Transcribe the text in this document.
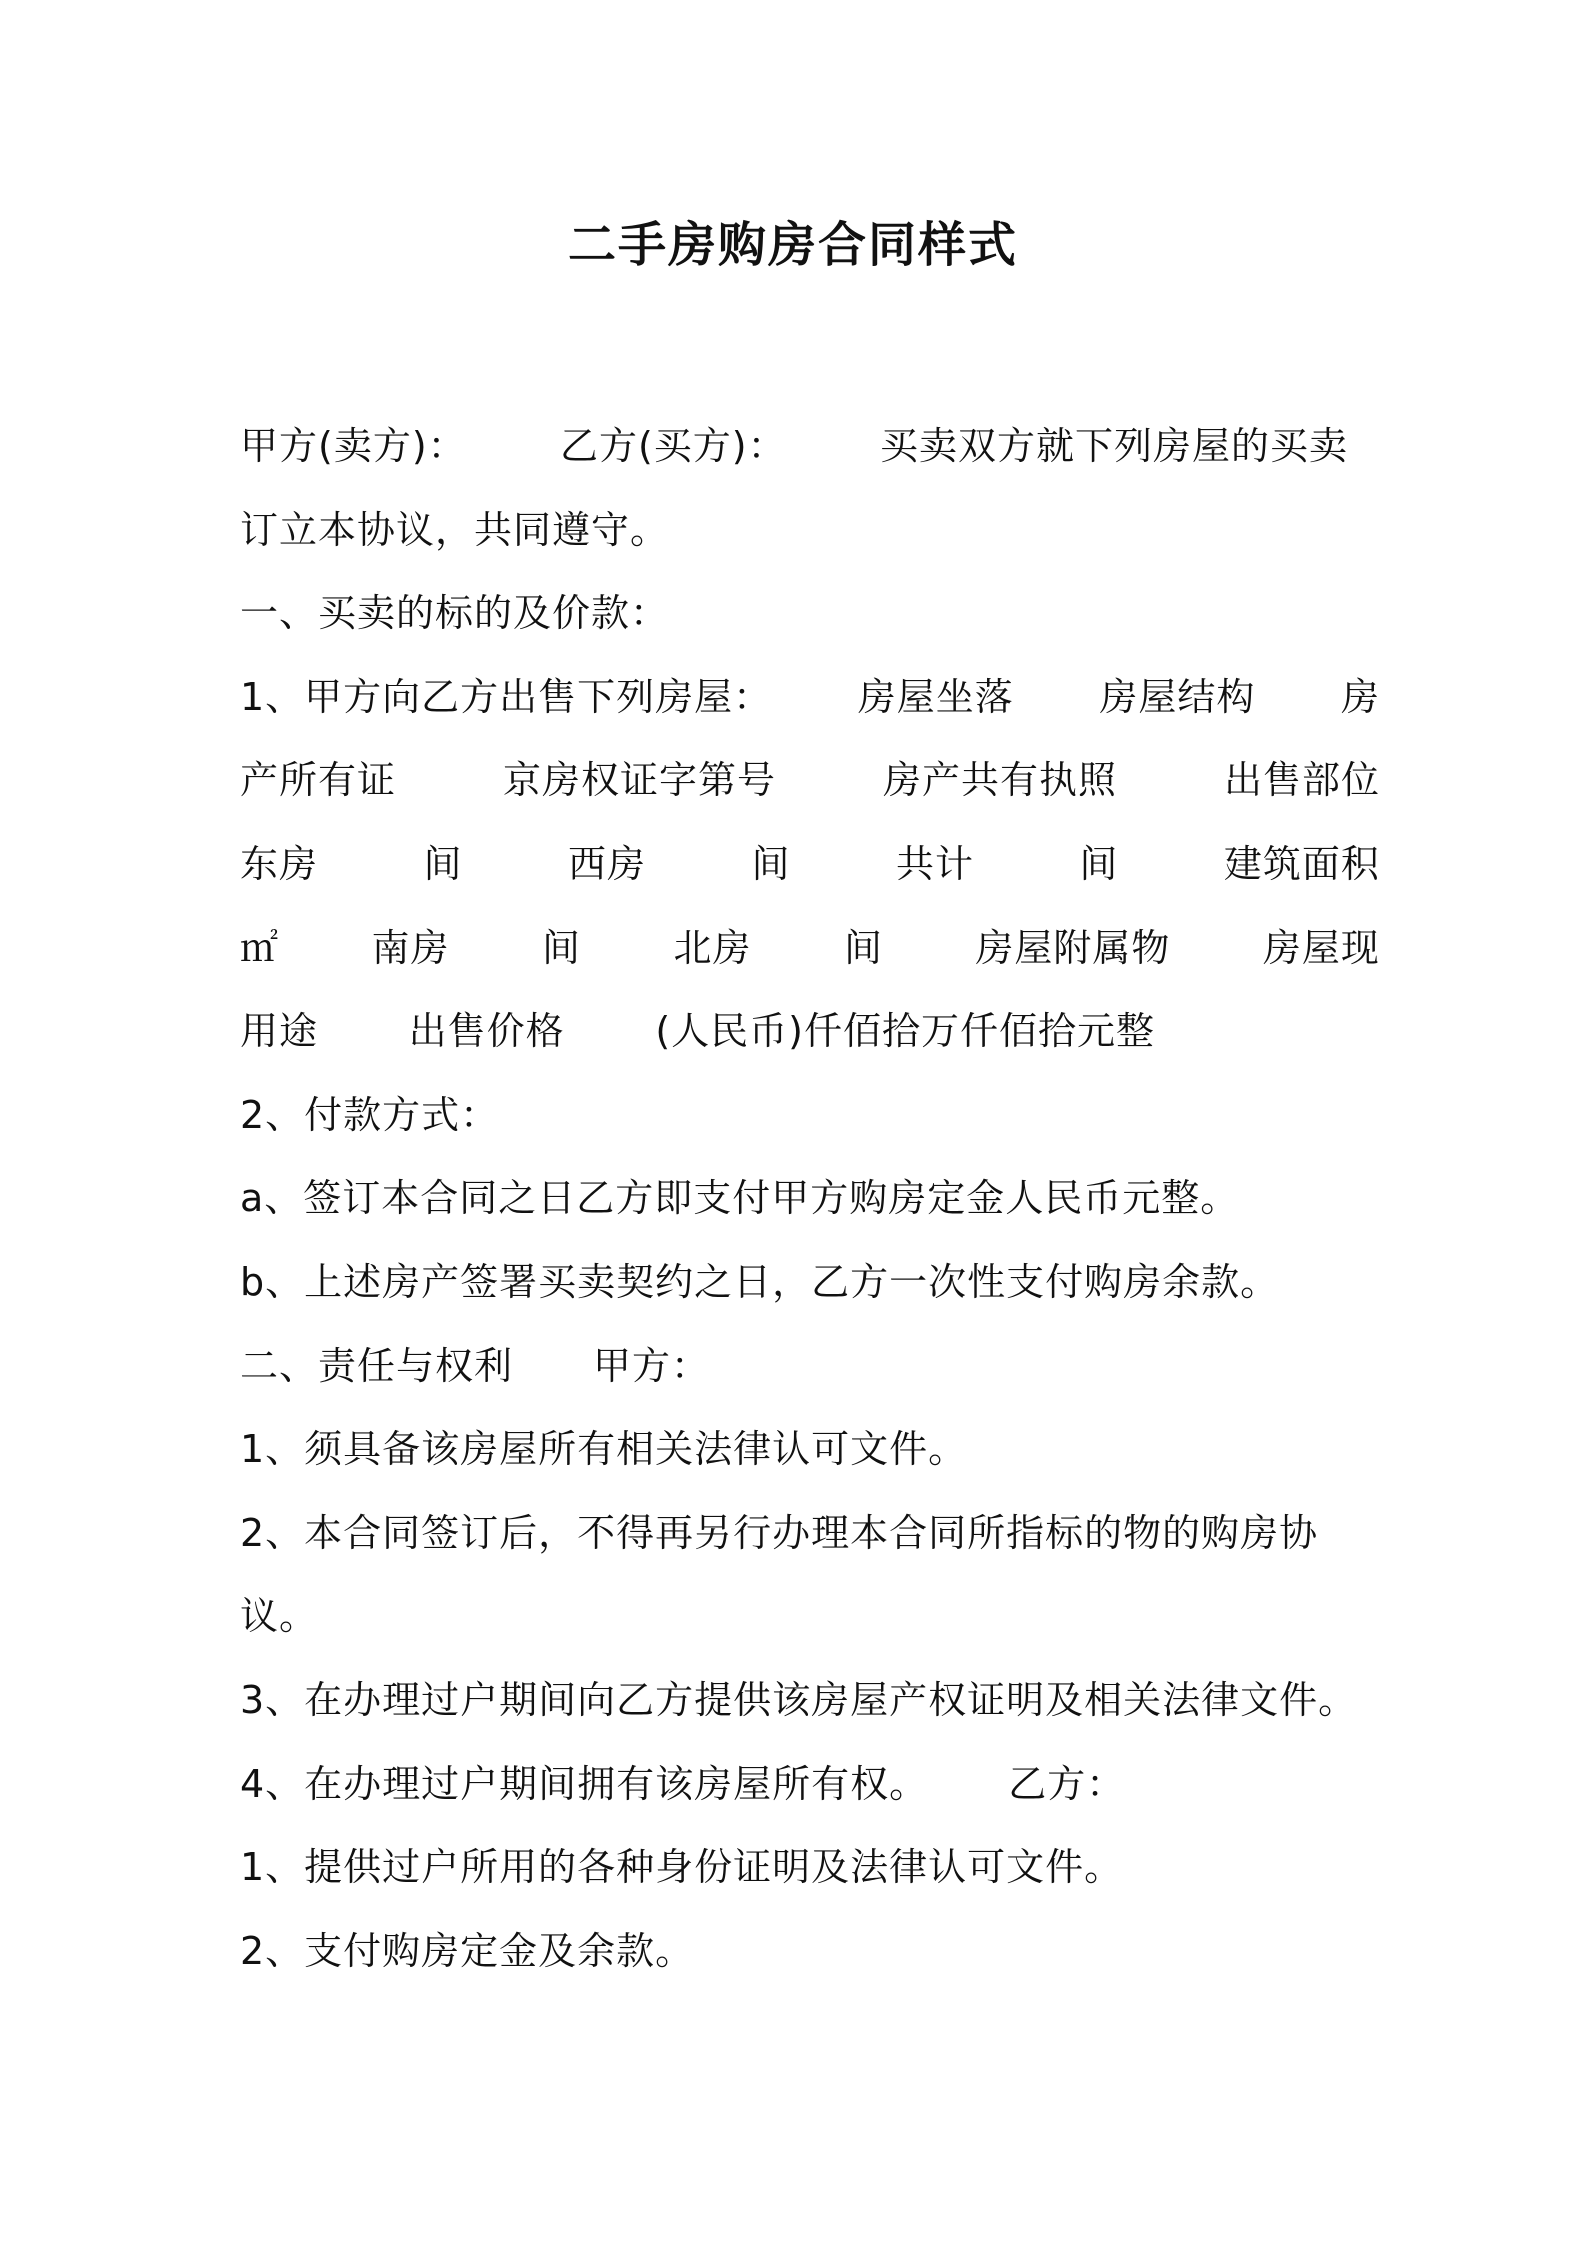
二手房购房合同样式
甲方(卖方)： 乙方(买方)： 买卖双方就下列房屋的买卖
订立本协议，共同遵守。
一、买卖的标的及价款：
1、甲方向乙方出售下列房屋： 房屋坐落 房屋结构 房
产所有证	京房权证字第号	房产共有执照	出售部位
东房	间	西房	间	共计	间	建筑面积
㎡ 南房 间 北房 间 房屋附属物 房屋现
用途 出售价格 (人民币)仟佰拾万仟佰拾元整
2、付款方式：
a、签订本合同之日乙方即支付甲方购房定金人民币元整。
b、上述房产签署买卖契约之日，乙方一次性支付购房余款。
二、责任与权利 甲方：
1、须具备该房屋所有相关法律认可文件。
2、本合同签订后，不得再另行办理本合同所指标的物的购房协
议。
3、在办理过户期间向乙方提供该房屋产权证明及相关法律文件。
4、在办理过户期间拥有该房屋所有权。 乙方：
1、提供过户所用的各种身份证明及法律认可文件。
2、支付购房定金及余款。
